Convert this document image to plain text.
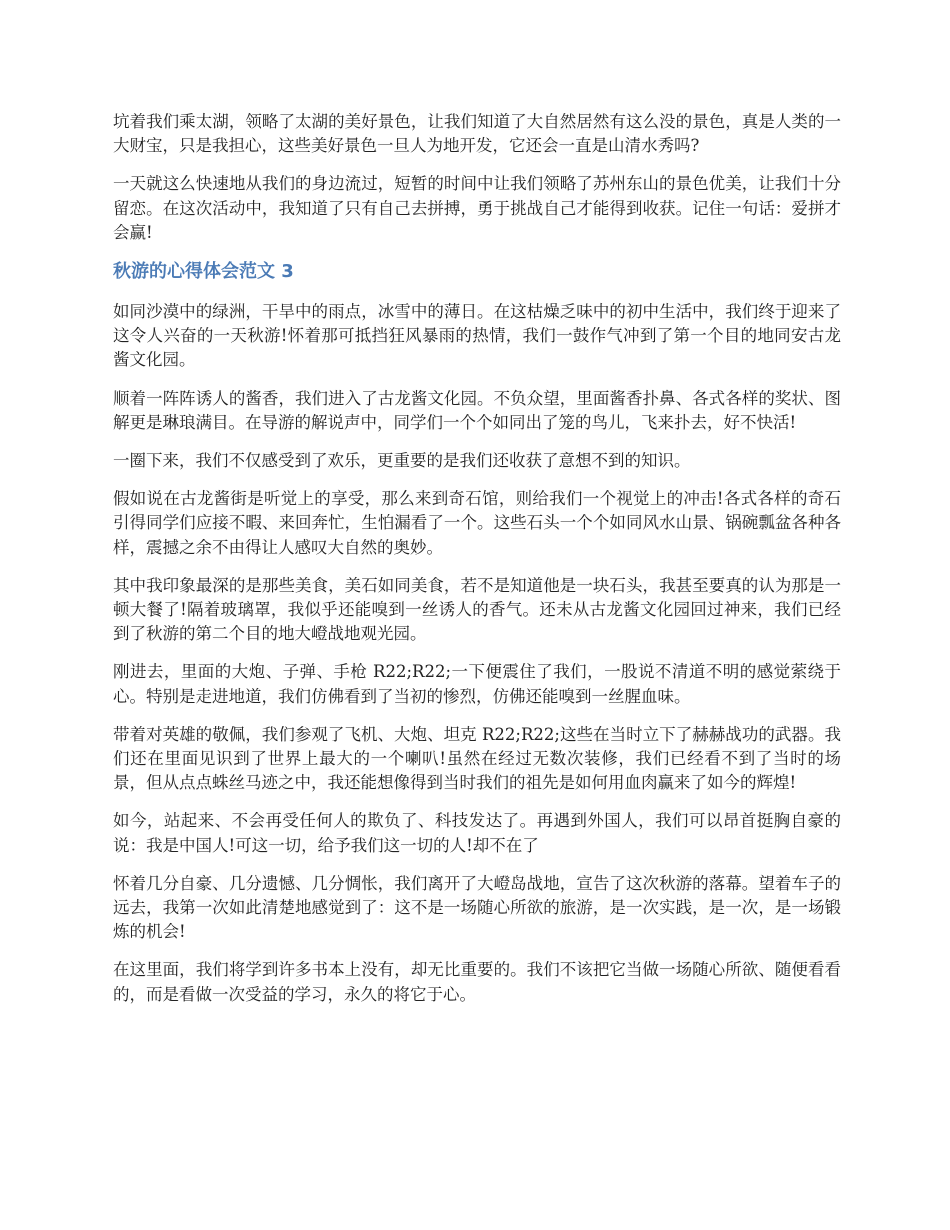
坑着我们乘太湖，领略了太湖的美好景色，让我们知道了大自然居然有这么没的景色，真是人类的一大财宝，只是我担心，这些美好景色一旦人为地开发，它还会一直是山清水秀吗?

一天就这么快速地从我们的身边流过，短暂的时间中让我们领略了苏州东山的景色优美，让我们十分留恋。在这次活动中，我知道了只有自己去拼搏，勇于挑战自己才能得到收获。记住一句话：爱拼才会赢!

秋游的心得体会范文 3

如同沙漠中的绿洲，干旱中的雨点，冰雪中的薄日。在这枯燥乏味中的初中生活中，我们终于迎来了这令人兴奋的一天秋游!怀着那可抵挡狂风暴雨的热情，我们一鼓作气冲到了第一个目的地同安古龙酱文化园。

顺着一阵阵诱人的酱香，我们进入了古龙酱文化园。不负众望，里面酱香扑鼻、各式各样的奖状、图解更是琳琅满目。在导游的解说声中，同学们一个个如同出了笼的鸟儿，飞来扑去，好不快活!

一圈下来，我们不仅感受到了欢乐，更重要的是我们还收获了意想不到的知识。

假如说在古龙酱街是听觉上的享受，那么来到奇石馆，则给我们一个视觉上的冲击!各式各样的奇石引得同学们应接不暇、来回奔忙，生怕漏看了一个。这些石头一个个如同风水山景、锅碗瓢盆各种各样，震撼之余不由得让人感叹大自然的奥妙。

其中我印象最深的是那些美食，美石如同美食，若不是知道他是一块石头，我甚至要真的认为那是一顿大餐了!隔着玻璃罩，我似乎还能嗅到一丝诱人的香气。还未从古龙酱文化园回过神来，我们已经到了秋游的第二个目的地大嶝战地观光园。

刚进去，里面的大炮、子弹、手枪 R22;R22;一下便震住了我们，一股说不清道不明的感觉萦绕于心。特别是走进地道，我们仿佛看到了当初的惨烈，仿佛还能嗅到一丝腥血味。

带着对英雄的敬佩，我们参观了飞机、大炮、坦克 R22;R22;这些在当时立下了赫赫战功的武器。我们还在里面见识到了世界上最大的一个喇叭!虽然在经过无数次装修，我们已经看不到了当时的场景，但从点点蛛丝马迹之中，我还能想像得到当时我们的祖先是如何用血肉赢来了如今的辉煌!

如今，站起来、不会再受任何人的欺负了、科技发达了。再遇到外国人，我们可以昂首挺胸自豪的说：我是中国人!可这一切，给予我们这一切的人!却不在了

怀着几分自豪、几分遗憾、几分惆怅，我们离开了大嶝岛战地，宣告了这次秋游的落幕。望着车子的远去，我第一次如此清楚地感觉到了：这不是一场随心所欲的旅游，是一次实践，是一次，是一场锻炼的机会!

在这里面，我们将学到许多书本上没有，却无比重要的。我们不该把它当做一场随心所欲、随便看看的，而是看做一次受益的学习，永久的将它于心。
